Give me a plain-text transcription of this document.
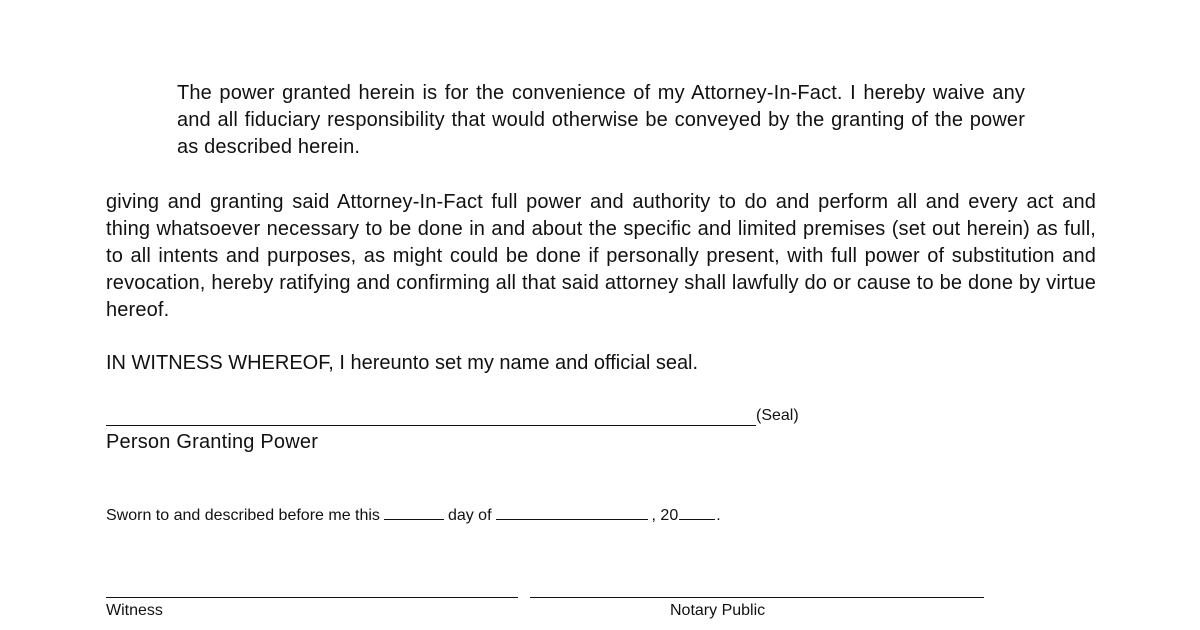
The power granted herein is for the convenience of my Attorney-In-Fact. I hereby waive any and all fiduciary responsibility that would otherwise be conveyed by the granting of the power as described herein.

giving and granting said Attorney-In-Fact full power and authority to do and perform all and every act and thing whatsoever necessary to be done in and about the specific and limited premises (set out herein) as full, to all intents and purposes, as might could be done if personally present, with full power of substitution and revocation, hereby ratifying and confirming all that said attorney shall lawfully do or cause to be done by virtue hereof.

IN WITNESS WHEREOF, I hereunto set my name and official seal.

(Seal)
Person Granting Power
Sworn to and described before me this	day of	, 20 .
Witness	Notary Public
